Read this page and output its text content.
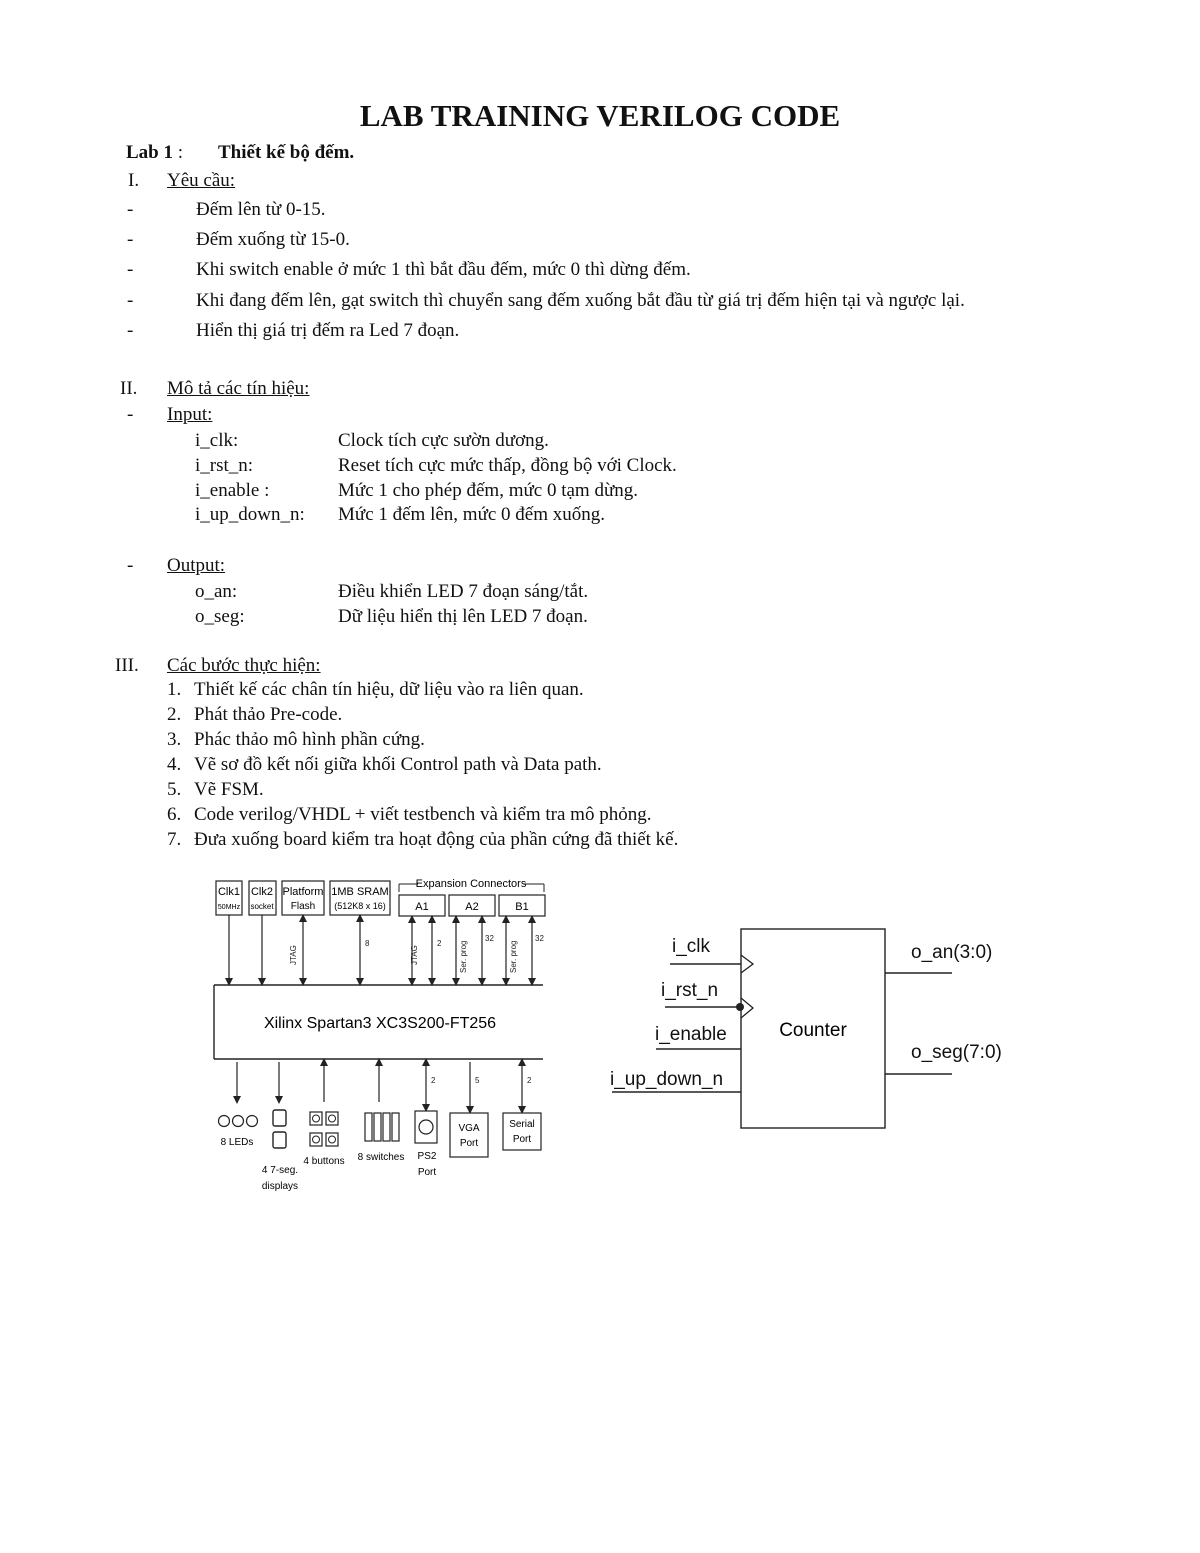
LAB TRAINING VERILOG CODE
Lab 1 : Thiết kế bộ đếm.
I. Yêu cầu:
-	Đếm lên từ 0-15.
-	Đếm xuống từ 15-0.
-	Khi switch enable ở mức 1 thì bắt đầu đếm, mức 0 thì dừng đếm.
-	Khi đang đếm lên, gạt switch thì chuyển sang đếm xuống bắt đầu từ giá trị đếm hiện tại và ngược lại.
-	Hiển thị giá trị đếm ra Led 7 đoạn.
II. Mô tả các tín hiệu:
- Input:
i_clk:	Clock tích cực sườn dương.
i_rst_n:	Reset tích cực mức thấp, đồng bộ với Clock.
i_enable :	Mức 1 cho phép đếm, mức 0 tạm dừng.
i_up_down_n: Mức 1 đếm lên, mức 0 đếm xuống.
- Output:
o_an:	Điều khiển LED 7 đoạn sáng/tắt.
o_seg:	Dữ liệu hiển thị lên LED 7 đoạn.
III. Các bước thực hiện:
1. Thiết kế các chân tín hiệu, dữ liệu vào ra liên quan.
2. Phát thảo Pre-code.
3. Phác thảo mô hình phần cứng.
4. Vẽ sơ đồ kết nối giữa khối Control path và Data path.
5. Vẽ FSM.
6. Code verilog/VHDL + viết testbench và kiểm tra mô phỏng.
7. Đưa xuống board kiểm tra hoạt động của phần cứng đã thiết kế.
Clk1
50MHz
Clk2
socket
Platform
Flash
1MB SRAM
(512K8 x 16)
Expansion Connectors
A1	A2	B1
JTAG
8
JTAG
2 Ser. prog
32
Ser. prog
32
Xilinx Spartan3 XC3S200-FT256
2	5	2
8 LEDs
4 7-seg.
displays
4 buttons 8 switches PS2
Port
VGA
Port
Serial
Port
Counter
i_clk
i_rst_n
i_enable
i_up_down_n
o_an(3:0)
o_seg(7:0)
